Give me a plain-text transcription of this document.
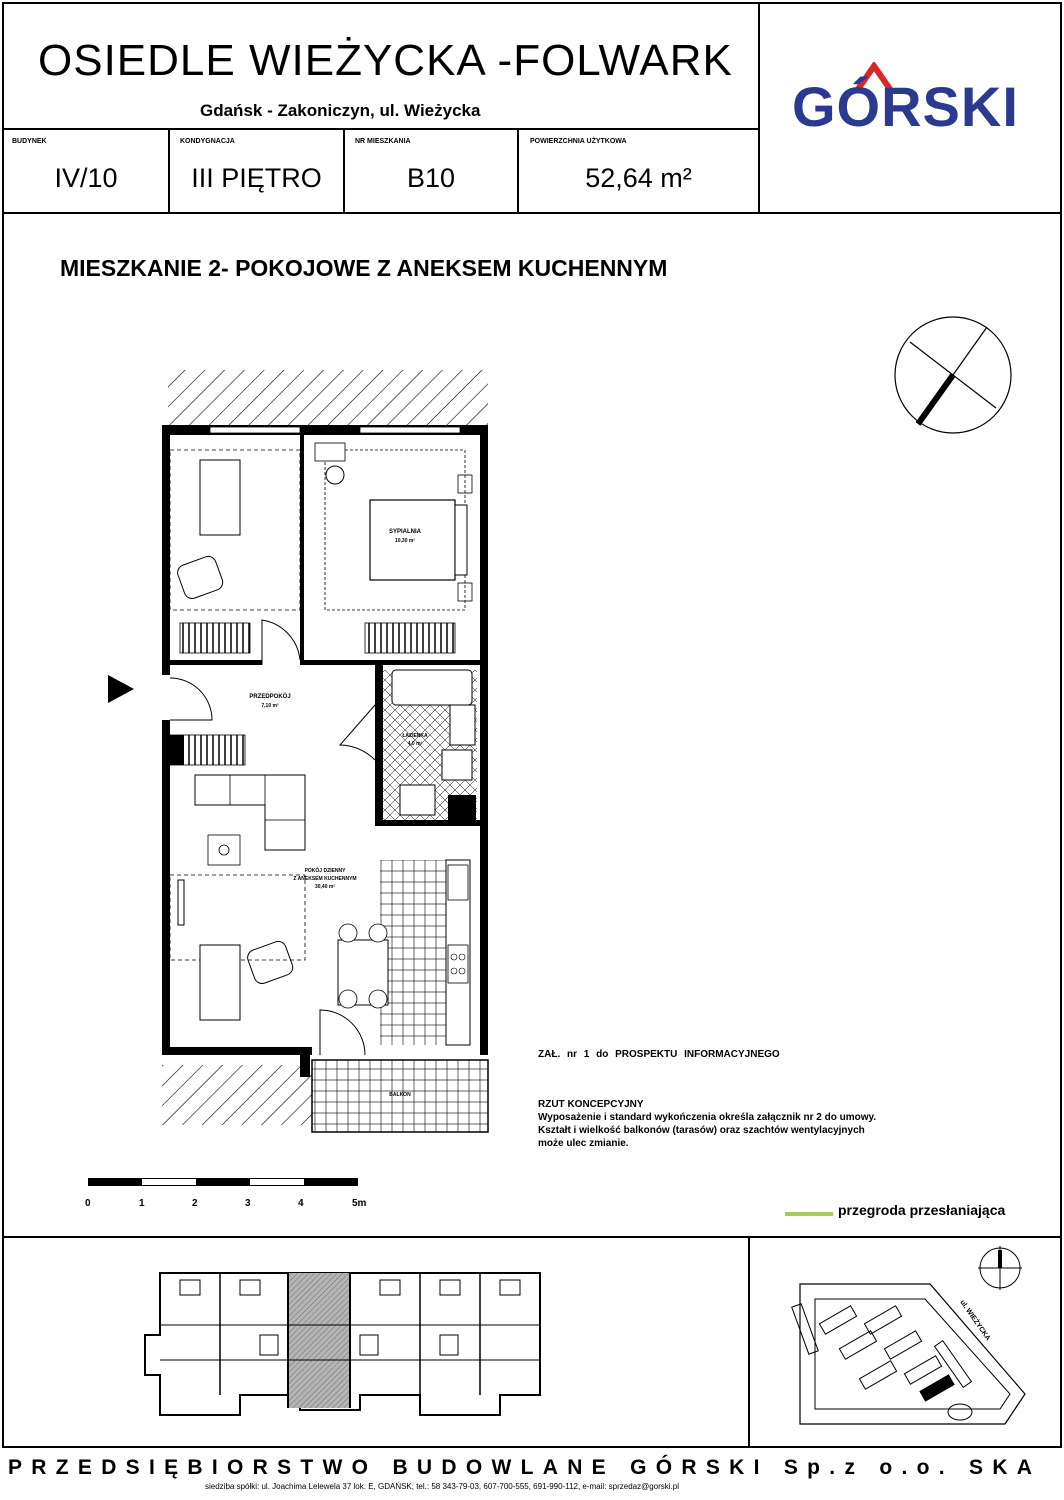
OSIEDLE WIEŻYCKA -FOLWARK
Gdańsk - Zakoniczyn, ul. Wieżycka
BUDYNEK
IV/10
KONDYGNACJA
III PIĘTRO
NR MIESZKANIA
B10
POWIERZCHNIA UŻYTKOWA
52,64 m²
GÓRSKI
MIESZKANIE 2- POKOJOWE Z ANEKSEM KUCHENNYM
SYPIALNIA
10,30 m²
PRZEDPOKÓJ
7,10 m²
ŁAZIENKA
4,0 m²
POKÓJ DZIENNY
Z ANEKSEM KUCHENNYM
30,40 m²
BALKON
ZAŁ. nr 1 do PROSPEKTU INFORMACYJNEGO
RZUT KONCEPCYJNY
Wyposażenie i standard wykończenia określa załącznik nr 2 do umowy.
Kształt i wielkość balkonów (tarasów) oraz szachtów wentylacyjnych
może ulec zmianie.
0	1	2	3	4	5m	przegroda przesłaniająca
ul. WIEŻYCKA
PRZEDSIĘBIORSTWO BUDOWLANE GÓRSKI Sp.z o.o. SKA
siedziba spółki: ul. Joachima Lelewela 37 lok. E, GDAŃSK; tel.: 58 343-79-03, 607-700-555, 691-990-112, e-mail: sprzedaz@gorski.pl
